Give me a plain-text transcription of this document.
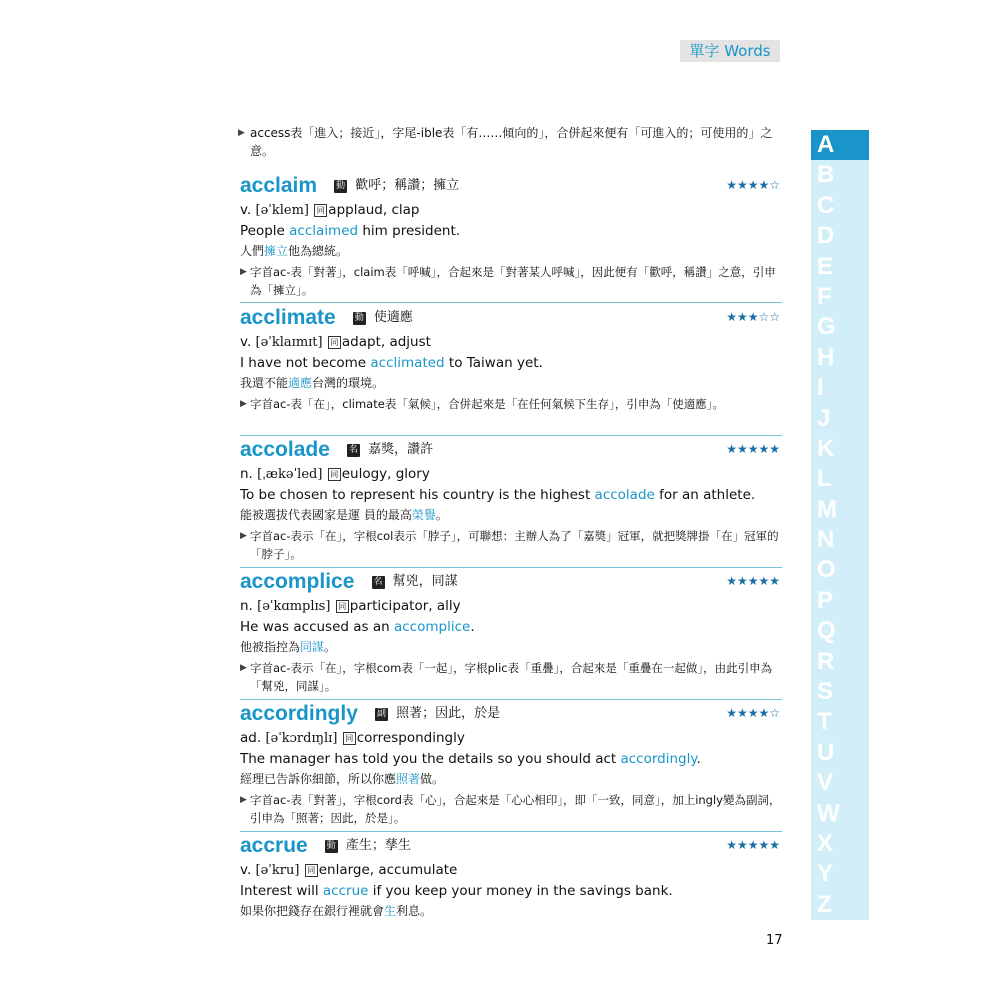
單字 Words
▶ access表「進入；接近」，字尾-ible表「有……傾向的」，合併起來便有「可進入的；可使用的」之意。
acclaim 動 歡呼；稱讚；擁立	★★★★☆
v. [əˈklem] 同 applaud, clap
People acclaimed him president.
人們擁立他為總統。
▶ 字首ac-表「對著」，claim表「呼喊」，合起來是「對著某人呼喊」，因此便有「歡呼，稱讚」之意，引申為「擁立」。
acclimate 動 使適應	★★★☆☆
v. [əˈklaɪmɪt] 同 adapt, adjust
I have not become acclimated to Taiwan yet.
我還不能適應台灣的環境。
▶ 字首ac-表「在」，climate表「氣候」，合併起來是「在任何氣候下生存」，引申為「使適應」。
accolade 名 嘉獎，讚許	★★★★★
n. [ˌækəˈled] 同 eulogy, glory
To be chosen to represent his country is the highest accolade for an athlete.
能被選拔代表國家是運 員的最高榮譽。
▶ 字首ac-表示「在」，字根col表示「脖子」，可聯想：主辦人為了「嘉獎」冠軍，就把獎牌掛「在」冠軍的「脖子」。
accomplice 名 幫兇，同謀	★★★★★
n. [əˈkɑmplɪs] 同 participator, ally
He was accused as an accomplice.
他被指控為同謀。
▶ 字首ac-表示「在」，字根com表「一起」，字根plic表「重疊」，合起來是「重疊在一起做」，由此引申為「幫兇，同謀」。
accordingly 副 照著；因此，於是	★★★★☆
ad. [əˈkɔrdɪŋlɪ] 同 correspondingly
The manager has told you the details so you should act accordingly.
經理已告訴你細節，所以你應照著做。
▶ 字首ac-表「對著」，字根cord表「心」，合起來是「心心相印」，即「一致，同意」，加上ingly變為副詞，引申為「照著；因此，於是」。
accrue 動 產生；孳生	★★★★★
v. [əˈkru] 同 enlarge, accumulate
Interest will accrue if you keep your money in the savings bank.
如果你把錢存在銀行裡就會生利息。
A
B
C
D
E
F
G
H
I
J
K
L
M
N
O
P
Q
R
S
T
U
V
W
X
Y
Z
17
